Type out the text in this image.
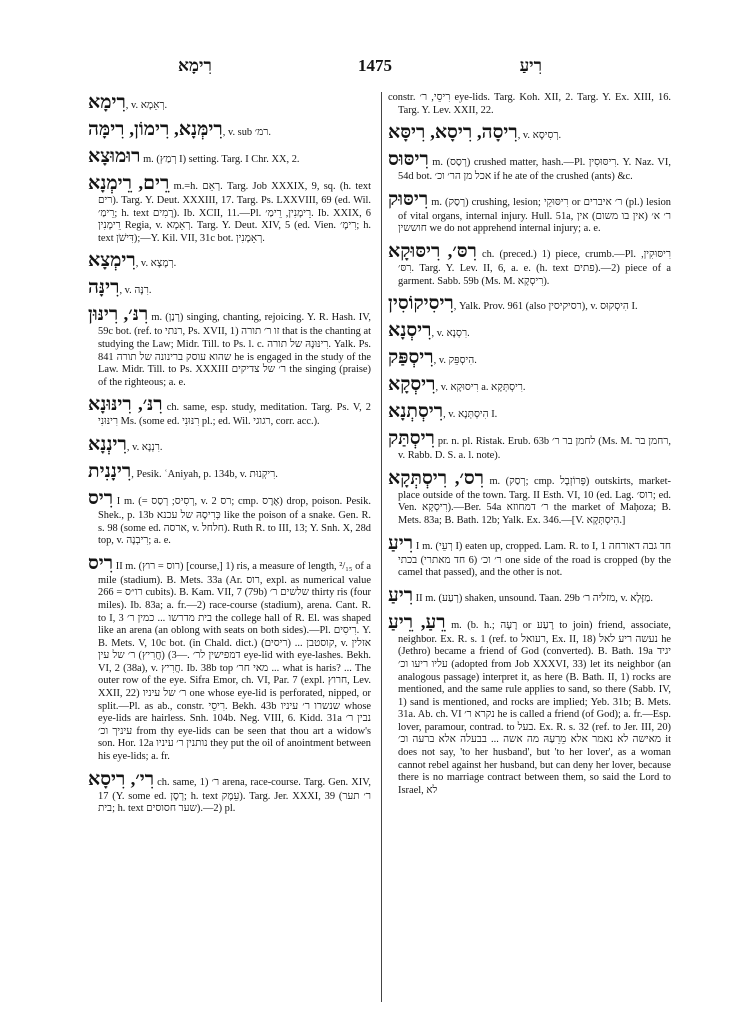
רִימָא	1475	רִיעַ

רִימָא, v. רְאֵמָא.

רִימְּנָא, רִימוֹן, רִימָּה, v. sub רמ׳.

רוּמוּצָא m. (רְמַץ I) setting. Targ. I Chr. XX, 2.

רֵים, רֵימְנָא m.=h. רְאֵם. Targ. Job XXXIX, 9, sq. (h. text רים). Targ. Y. Deut. XXXIII, 17. Targ. Ps. LXXVIII, 69 (ed. Wil. רֵימַ׳; h. text רָמִים). Ib. XCII, 11.—Pl. רֵימָנִין, רֵימַ׳. Ib. XXIX, 6 רֵימָנִין Regia, v. רְאֵמָא. Targ. Y. Deut. XIV, 5 (ed. Vien. רִימָ׳; h. text דִּישֹׁן);—Y. Kil. VII, 31c bot. רְאֵמָנִין.

רִימְצָא, v. רְמָצָא.

רִינָּה, v. רִנָּה.

רִנּ׳, רִינּוּן m. (רְנַן) singing, chanting, rejoicing. Y. R. Hash. IV, 59c bot. (ref. to רנתי, Ps. XVII, 1) זו ר׳ תורה that is the chanting at studying the Law; Midr. Till. to Ps. l. c. רִינּוּנָהּ של תורה. Yalk. Ps. 841 שהוא עוסק ברינונה של תורה he is engaged in the study of the Law. Midr. Till. to Ps. XXXIII ר׳ של צדיקים the singing (praise) of the righteous; a. e.

רִנּ׳, רִינּוּנָא ch. same, esp. study, meditation. Targ. Ps. V, 2 רִינּוּנִי Ms. (some ed. רִנּוּנִי pl.; ed. Wil. רגוגי, corr. acc.).

רִינְנָא, v. רִנְנָא.

רִינָנִית, Pesik. ʿAniyah, p. 134b, v. רִיקְנוּת.

רִיס I m. (= רְסִיס; רְסַס, v. רס 2; cmp. אֶרֶס) drop, poison. Pesik. Shek., p. 13b כְּרִיסָהּ של עכנא like the poison of a snake. Gen. R. s. 98 (some ed. ארסה, v. חלחל). Ruth R. to III, 13; Y. Snh. X, 28d top, v. רִיבְנָה; a. e.

רִיס II m. (רוס = רוץ) [course,] 1) ris, a measure of length, ²/₁₅ of a mile (stadium). B. Mets. 33a (Ar. רוס, expl. as numerical value רו״ס = 266 cubits). B. Kam. VII, 7 (79b) שלשים ר׳ thirty ris (four miles). Ib. 83a; a. fr.—2) race-course (stadium), arena. Cant. R. to I, 3 בית מדרשו ... כמין ר׳ the college hall of R. El. was shaped like an arena (an oblong with seats on both sides).—Pl. רִיסִים. Y. B. Mets. V, 10c bot. (in Chald. dict.) (ריסים) ... קוסטבן, v. אזלין דמפישין לר׳ .—3) (חֲרִיץ) ר׳ של עין eye-lid with eye-lashes. Bekh. VI, 2 (38a), v. חֲרִיץ. Ib. 38b top מאי חר׳ ... what is haris? ... The outer row of the eye. Sifra Emor, ch. VI, Par. 7 (expl. חרוץ, Lev. XXII, 22) ר׳ של עיניו one whose eye-lid is perforated, nipped, or split.—Pl. as ab., constr. רִיסֵי. Bekh. 43b שנשרו ר׳ עיניו whose eye-lids are hairless. Snh. 104b. Neg. VIII, 6. Kidd. 31a נבין ר׳ עיניך וכ׳ from thy eye-lids can be seen that thou art a widow's son. Hor. 12a נותנין ר׳ עיניו they put the oil of anointment between his eye-lids; a. fr.

רִי׳, רִיסָא ch. same, 1) ר׳ arena, race-course. Targ. Gen. XIV, 17 (Y. some ed. רְסָן; h. text עֵמֶק). Targ. Jer. XXXI, 39 (ר׳ תער בית; h. text שער חסוסים).—2) pl.

constr. רִיסֵי, ר׳ eye-lids. Targ. Koh. XII, 2. Targ. Y. Ex. XIII, 16. Targ. Y. Lev. XXII, 22.

רִיסָה, רִיסָא, רִיסָּא, v. רְסִיסָא.

רִיסּוּס m. (רְסַס) crushed matter, hash.—Pl. רִיסּוּסִין. Y. Naz. VI, 54d bot. אכל מן הר׳ וכ׳ if he ate of the crushed (ants) &c.

רִיסּוּק m. (רְסַק) crushing, lesion; רִיסּוּקֵי or ר׳ איברים (pl.) lesion of vital organs, internal injury. Hull. 51a, ר׳ א׳ (אין בו משום) אין חוששין we do not apprehend internal injury; a. e.

רִסּ׳, רִיסּוּקָא ch. (preced.) 1) piece, crumb.—Pl. רִיסּוּקִין, רִסּ׳. Targ. Y. Lev. II, 6, a. e. (h. text פתים).—2) piece of a garment. Sabb. 59b (Ms. M. רִיסְקָא).

רִיסִיקוֹסִין, Yalk. Prov. 961 (also רסיקיסין), v. הִיסְקוּס I.

רִיסְנָא, v. רִסְנָא.

רִיסְפַּק, v. הִיסְפֵּק.

רִיסְקָא, v. רִיסוּקָא a. רִיסְתְּקָא.

רִיסְתְנָא, v. הִיסְתְּנָא I.

רִיסְתַּק pr. n. pl. Ristak. Erub. 63b לחמן בר ר׳ (Ms. M. רחמן בר, v. Rabb. D. S. a. l. note).

רִס׳, רִיסְתְּקָא m. (רְסַק; cmp. פְּרוֹזְבָל) outskirts, market-place outside of the town. Targ. II Esth. VI, 10 (ed. Lag. רוס׳; ed. Ven. רִיסְקָא).—Ber. 54a ר׳ דמחוזא the market of Maḥoza; B. Mets. 83a; B. Bath. 12b; Yalk. Ex. 346.—[V. הִיסְתְּקָא.]

רִיעַ I m. (רְעֵי I) eaten up, cropped. Lam. R. to I, 1 חד גבה דאורחה ר׳ וכ׳ (6 חד מאתרי) בכתי one side of the road is cropped (by the camel that passed), and the other is not.

רִיעַ II m. (רְעַע) shaken, unsound. Taan. 29b מזליה ר׳, v. מַזָּלָא.

רֵעַ, רֵיעַ m. (b. h.; רָעָה or רָעַע to join) friend, associate, neighbor. Ex. R. s. 1 (ref. to רעואל, Ex. II, 18) נעשה ריע לאל he (Jethro) became a friend of God (converted). B. Bath. 19a יגיד עליו ריעו וכ׳ (adopted from Job XXXVI, 33) let its neighbor (an analogous passage) interpret it, as here (B. Bath. II, 1) rocks are mentioned, and the same rule applies to sand, so there (Sabb. IV, 1) sand is mentioned, and rocks are implied; Yeb. 31b; B. Mets. 31a. Ab. ch. VI נקרא ר׳ he is called a friend (of God); a. fr.—Esp. lover, paramour, contrad. to בעל. Ex. R. s. 32 (ref. to Jer. III, 20) מאישה לא נאמר אלא מֵרֵעַהּ מה אשה ... בבעלה אלא ברעה וכ׳ it does not say, 'to her husband', but 'to her lover', as a woman cannot rebel against her husband, but can deny her lover, because there is no marriage contract between them, so said the Lord to Israel, לא
